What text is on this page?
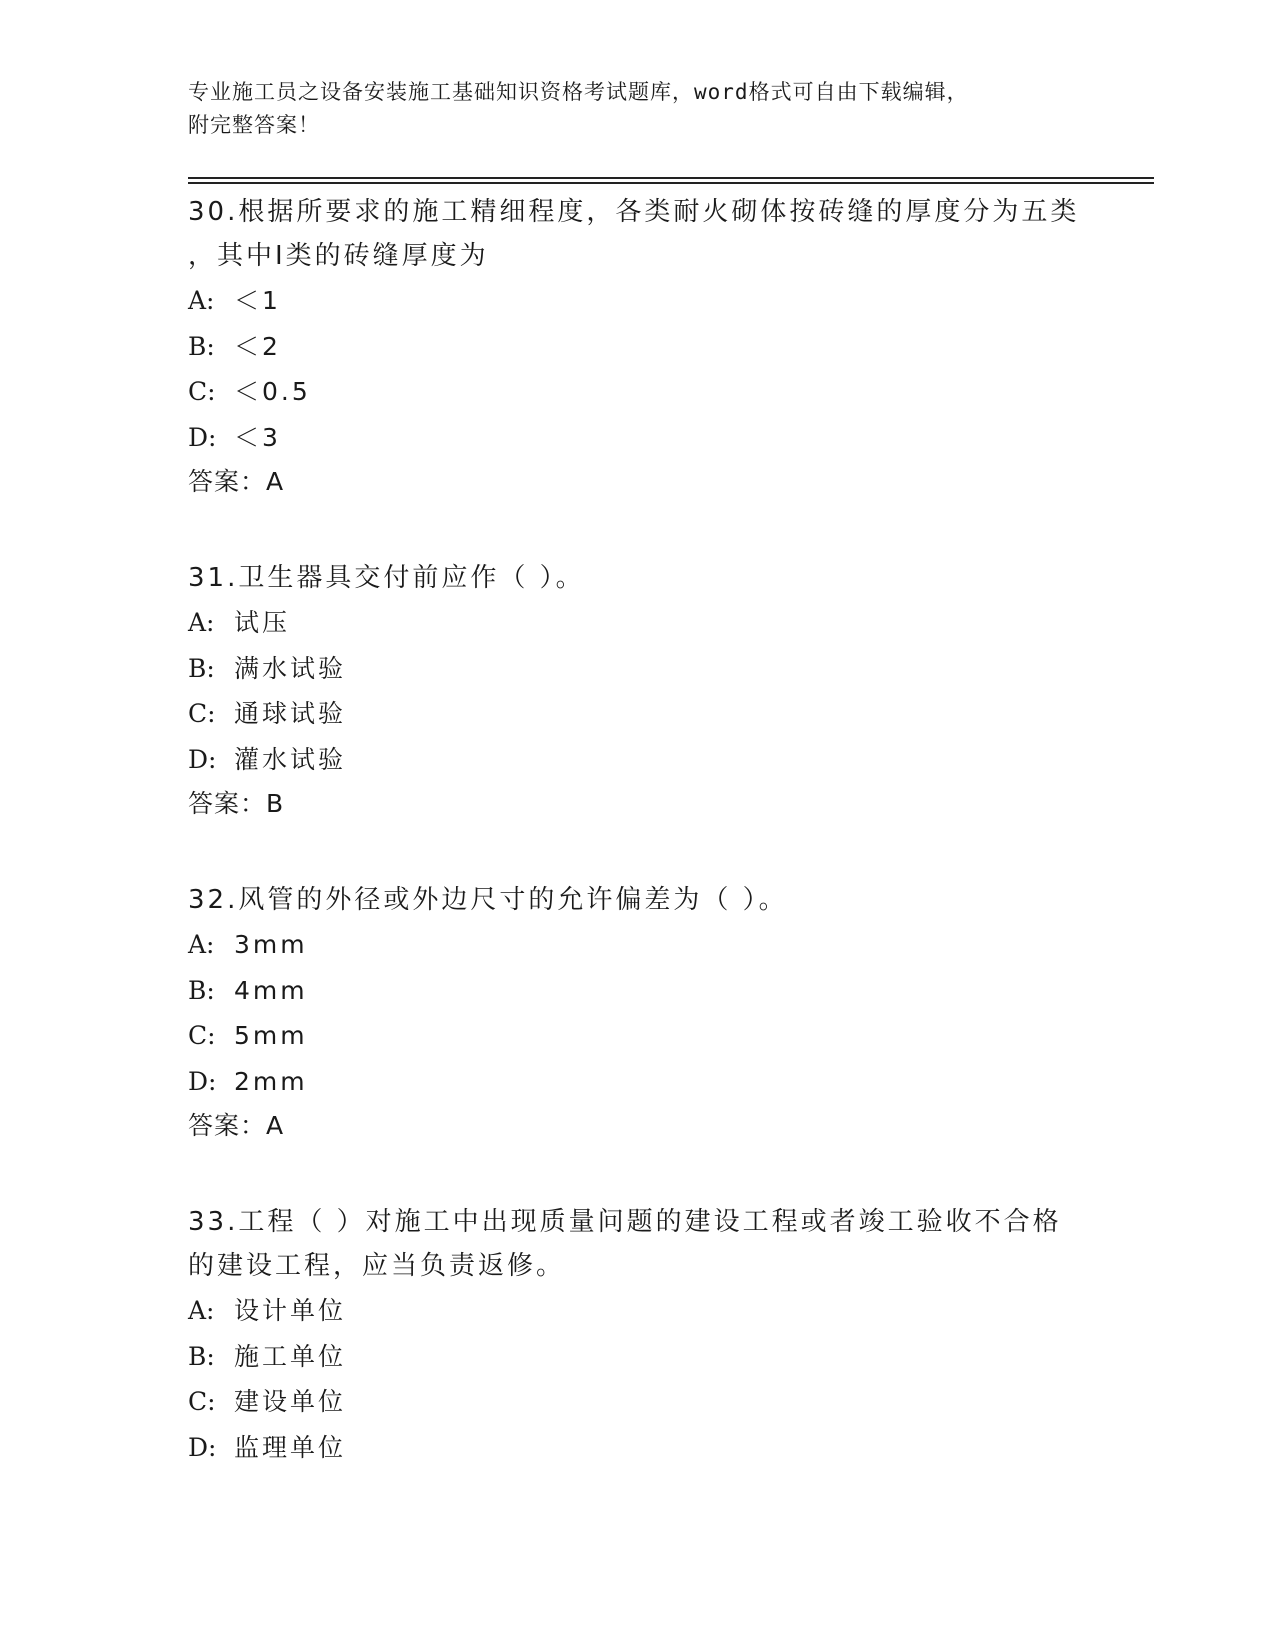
专业施工员之设备安装施工基础知识资格考试题库，word格式可自由下载编辑，
附完整答案！
30.根据所要求的施工精细程度，各类耐火砌体按砖缝的厚度分为五类
，其中Ⅰ类的砖缝厚度为
A: ＜1
B: ＜2
C: ＜0.5
D: ＜3
答案：A
31.卫生器具交付前应作（ ）。
A: 试压
B: 满水试验
C: 通球试验
D: 灌水试验
答案：B
32.风管的外径或外边尺寸的允许偏差为（ ）。
A: 3mm
B: 4mm
C: 5mm
D: 2mm
答案：A
33.工程（ ）对施工中出现质量问题的建设工程或者竣工验收不合格
的建设工程，应当负责返修。
A: 设计单位
B: 施工单位
C: 建设单位
D: 监理单位
